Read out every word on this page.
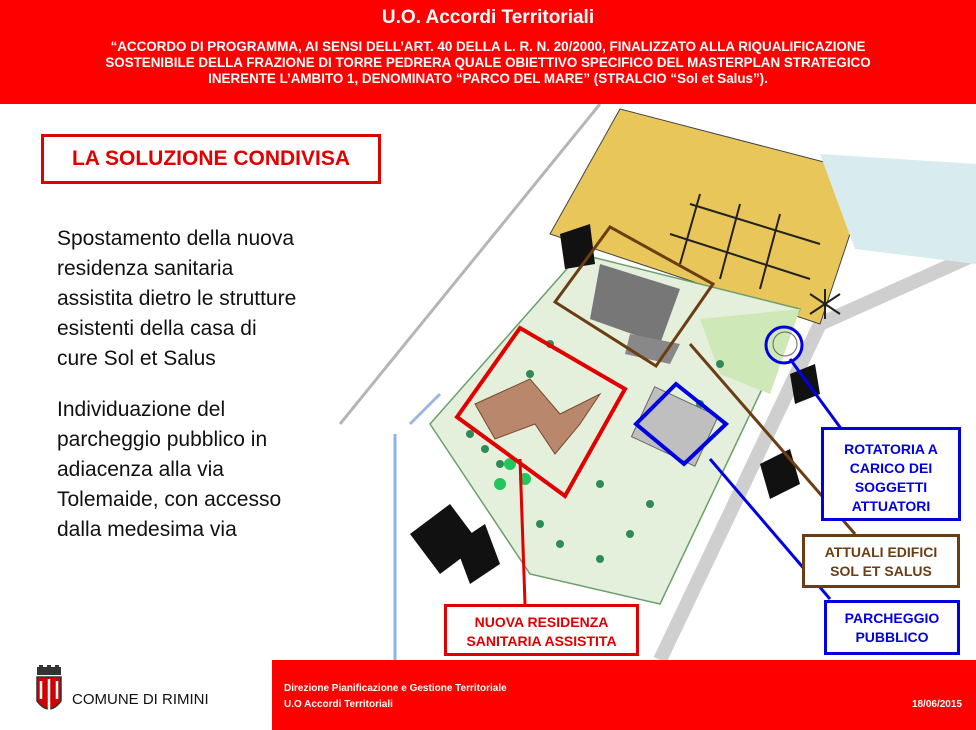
U.O. Accordi Territoriali
“ACCORDO DI PROGRAMMA, AI SENSI DELL’ART. 40 DELLA L. R. N. 20/2000, FINALIZZATO ALLA RIQUALIFICAZIONE
SOSTENIBILE DELLA FRAZIONE DI TORRE PEDRERA QUALE OBIETTIVO SPECIFICO DEL MASTERPLAN STRATEGICO
INERENTE L’AMBITO 1, DENOMINATO “PARCO DEL MARE” (STRALCIO “Sol et Salus”).
LA SOLUZIONE CONDIVISA
Spostamento della nuova
residenza sanitaria
assistita dietro le strutture
esistenti della casa di
cure Sol et Salus
Individuazione del
parcheggio pubblico in
adiacenza alla via
Tolemaide, con accesso
dalla medesima via
ROTATORIA A
CARICO DEI
SOGGETTI
ATTUATORI
ATTUALI EDIFICI
SOL ET SALUS
PARCHEGGIO
PUBBLICO
NUOVA RESIDENZA
SANITARIA ASSISTITA
COMUNE DI RIMINI
Direzione Pianificazione e Gestione Territoriale
U.O Accordi Territoriali	18/06/2015
